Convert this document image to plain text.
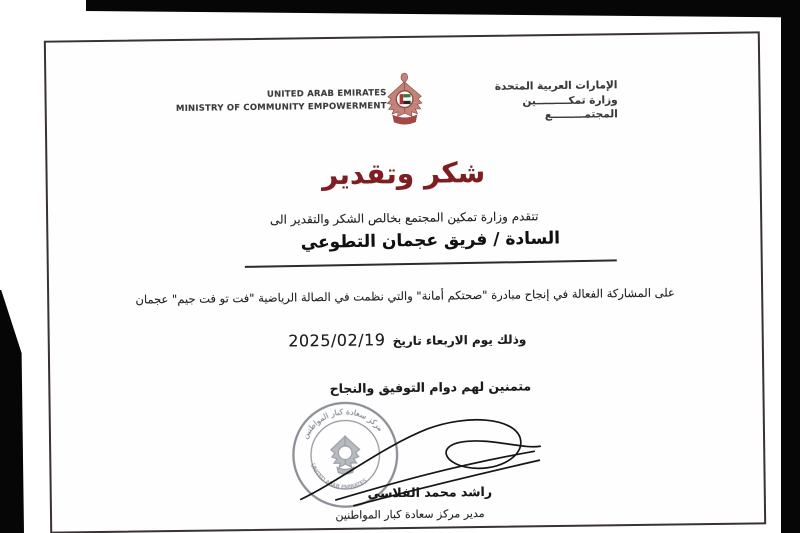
UNITED ARAB EMIRATES
MINISTRY OF COMMUNITY EMPOWERMENT
الإمارات العربية المتحدة
وزارة تمكـــــــــين المجتمـــــــــع
شكر وتقدير
تتقدم وزارة تمكين المجتمع بخالص الشكر والتقدير الى
السادة / فريق عجمان التطوعي
على المشاركة الفعالة في إنجاح مبادرة "صحتكم أمانة" والتي نظمت في الصالة الرياضية "فت تو فت جيم" عجمان
وذلك يوم الاربعاء تاريخ 2025/02/19
متمنين لهم دوام التوفيق والنجاح
مركز سعادة كبار المواطنين
UNITED ARAB EMIRATES
راشد محمد الفلاسي
مدير مركز سعادة كبار المواطنين
